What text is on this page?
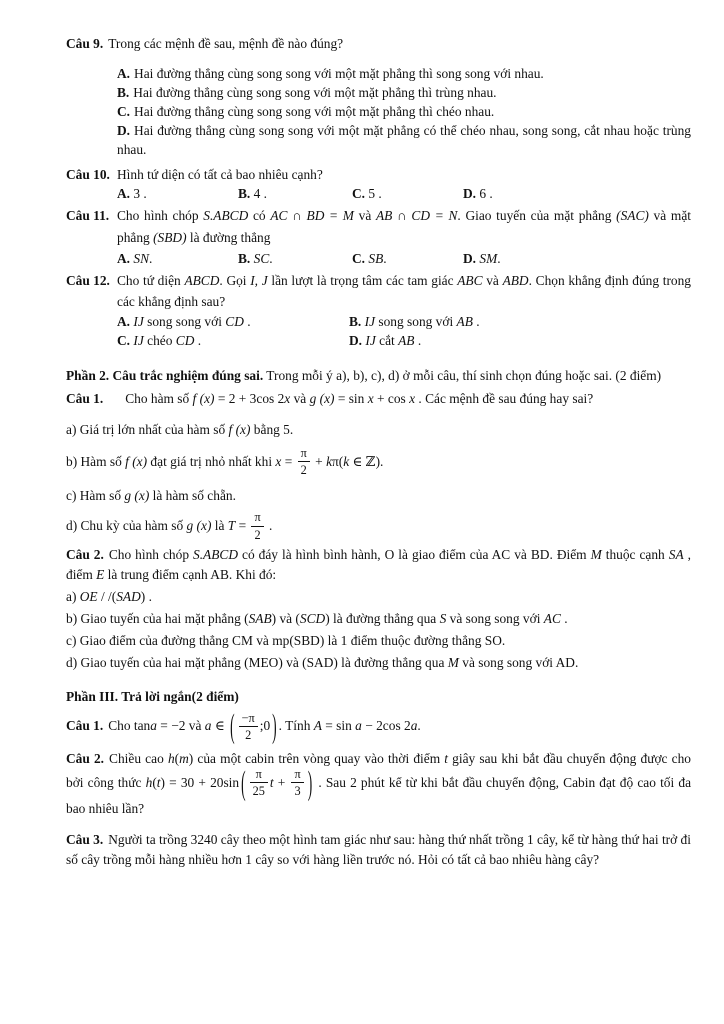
Câu 9. Trong các mệnh đề sau, mệnh đề nào đúng?

A. Hai đường thẳng cùng song song với một mặt phẳng thì song song với nhau.

B. Hai đường thẳng cùng song song với một mặt phẳng thì trùng nhau.

C. Hai đường thẳng cùng song song với một mặt phẳng thì chéo nhau.

D. Hai đường thẳng cùng song song với một mặt phẳng có thể chéo nhau, song song, cắt nhau hoặc trùng nhau.

Câu 10. Hình tứ diện có tất cả bao nhiêu cạnh?

A. 3 .	B. 4 .	C. 5 .	D. 6 .
Câu 11. Cho hình chóp S.ABCD có AC ∩ BD = M và AB ∩ CD = N. Giao tuyến của mặt phẳng (SAC) và mặt phẳng (SBD) là đường thẳng

A. SN.	B. SC.	C. SB.	D. SM.
Câu 12. Cho tứ diện ABCD. Gọi I, J lần lượt là trọng tâm các tam giác ABC và ABD. Chọn khẳng định đúng trong các khẳng định sau?

A. IJ song song với CD .	B. IJ song song với AB .
C. IJ chéo CD .	D. IJ cắt AB .

Phần 2. Câu trắc nghiệm đúng sai. Trong mỗi ý a), b), c), d) ở mỗi câu, thí sinh chọn đúng hoặc sai. (2 điểm)

Câu 1. Cho hàm số f (x) = 2 + 3cos 2x và g (x) = sin x + cos x . Các mệnh đề sau đúng hay sai?

a) Giá trị lớn nhất của hàm số f (x) bằng 5.

b) Hàm số f (x) đạt giá trị nhỏ nhất khi $x = \frac{\pi}{2} + k\pi(k$ ∈ ℤ).

c) Hàm số g (x) là hàm số chẵn.

d) Chu kỳ của hàm số g (x) là $T = \frac{\pi}{2}$ .

Câu 2. Cho hình chóp S.ABCD có đáy là hình bình hành, O là giao điểm của AC và BD. Điểm M thuộc cạnh SA , điểm E là trung điểm cạnh AB. Khi đó:

a) OE / /(SAD) .

b) Giao tuyến của hai mặt phẳng (SAB) và (SCD) là đường thẳng qua S và song song với AC .

c) Giao điểm của đường thẳng CM và mp(SBD) là 1 điểm thuộc đường thẳng SO.

d) Giao tuyến của hai mặt phẳng (MEO) và (SAD) là đường thẳng qua M và song song với AD.

Phần III. Trả lời ngắn(2 điểm)

Câu 1. Cho tana = −2 và a ∈ ( $\frac{-\pi}{2}$ ;0 ) . Tính A = sin a − 2cos 2a.

Câu 2. Chiều cao h(m) của một cabin trên vòng quay vào thời điểm t giây sau khi bắt đầu chuyển động được cho bởi công thức h(t) = 30 + 20sin ( $\frac{\pi}{25}$ $t + \frac{\pi}{3}$ ) . Sau 2 phút kể từ khi bắt đầu chuyển động, Cabin đạt độ cao tối đa bao nhiêu lần?

Câu 3. Người ta trồng 3240 cây theo một hình tam giác như sau: hàng thứ nhất trồng 1 cây, kể từ hàng thứ hai trở đi số cây trồng mỗi hàng nhiều hơn 1 cây so với hàng liền trước nó. Hỏi có tất cả bao nhiêu hàng cây?
